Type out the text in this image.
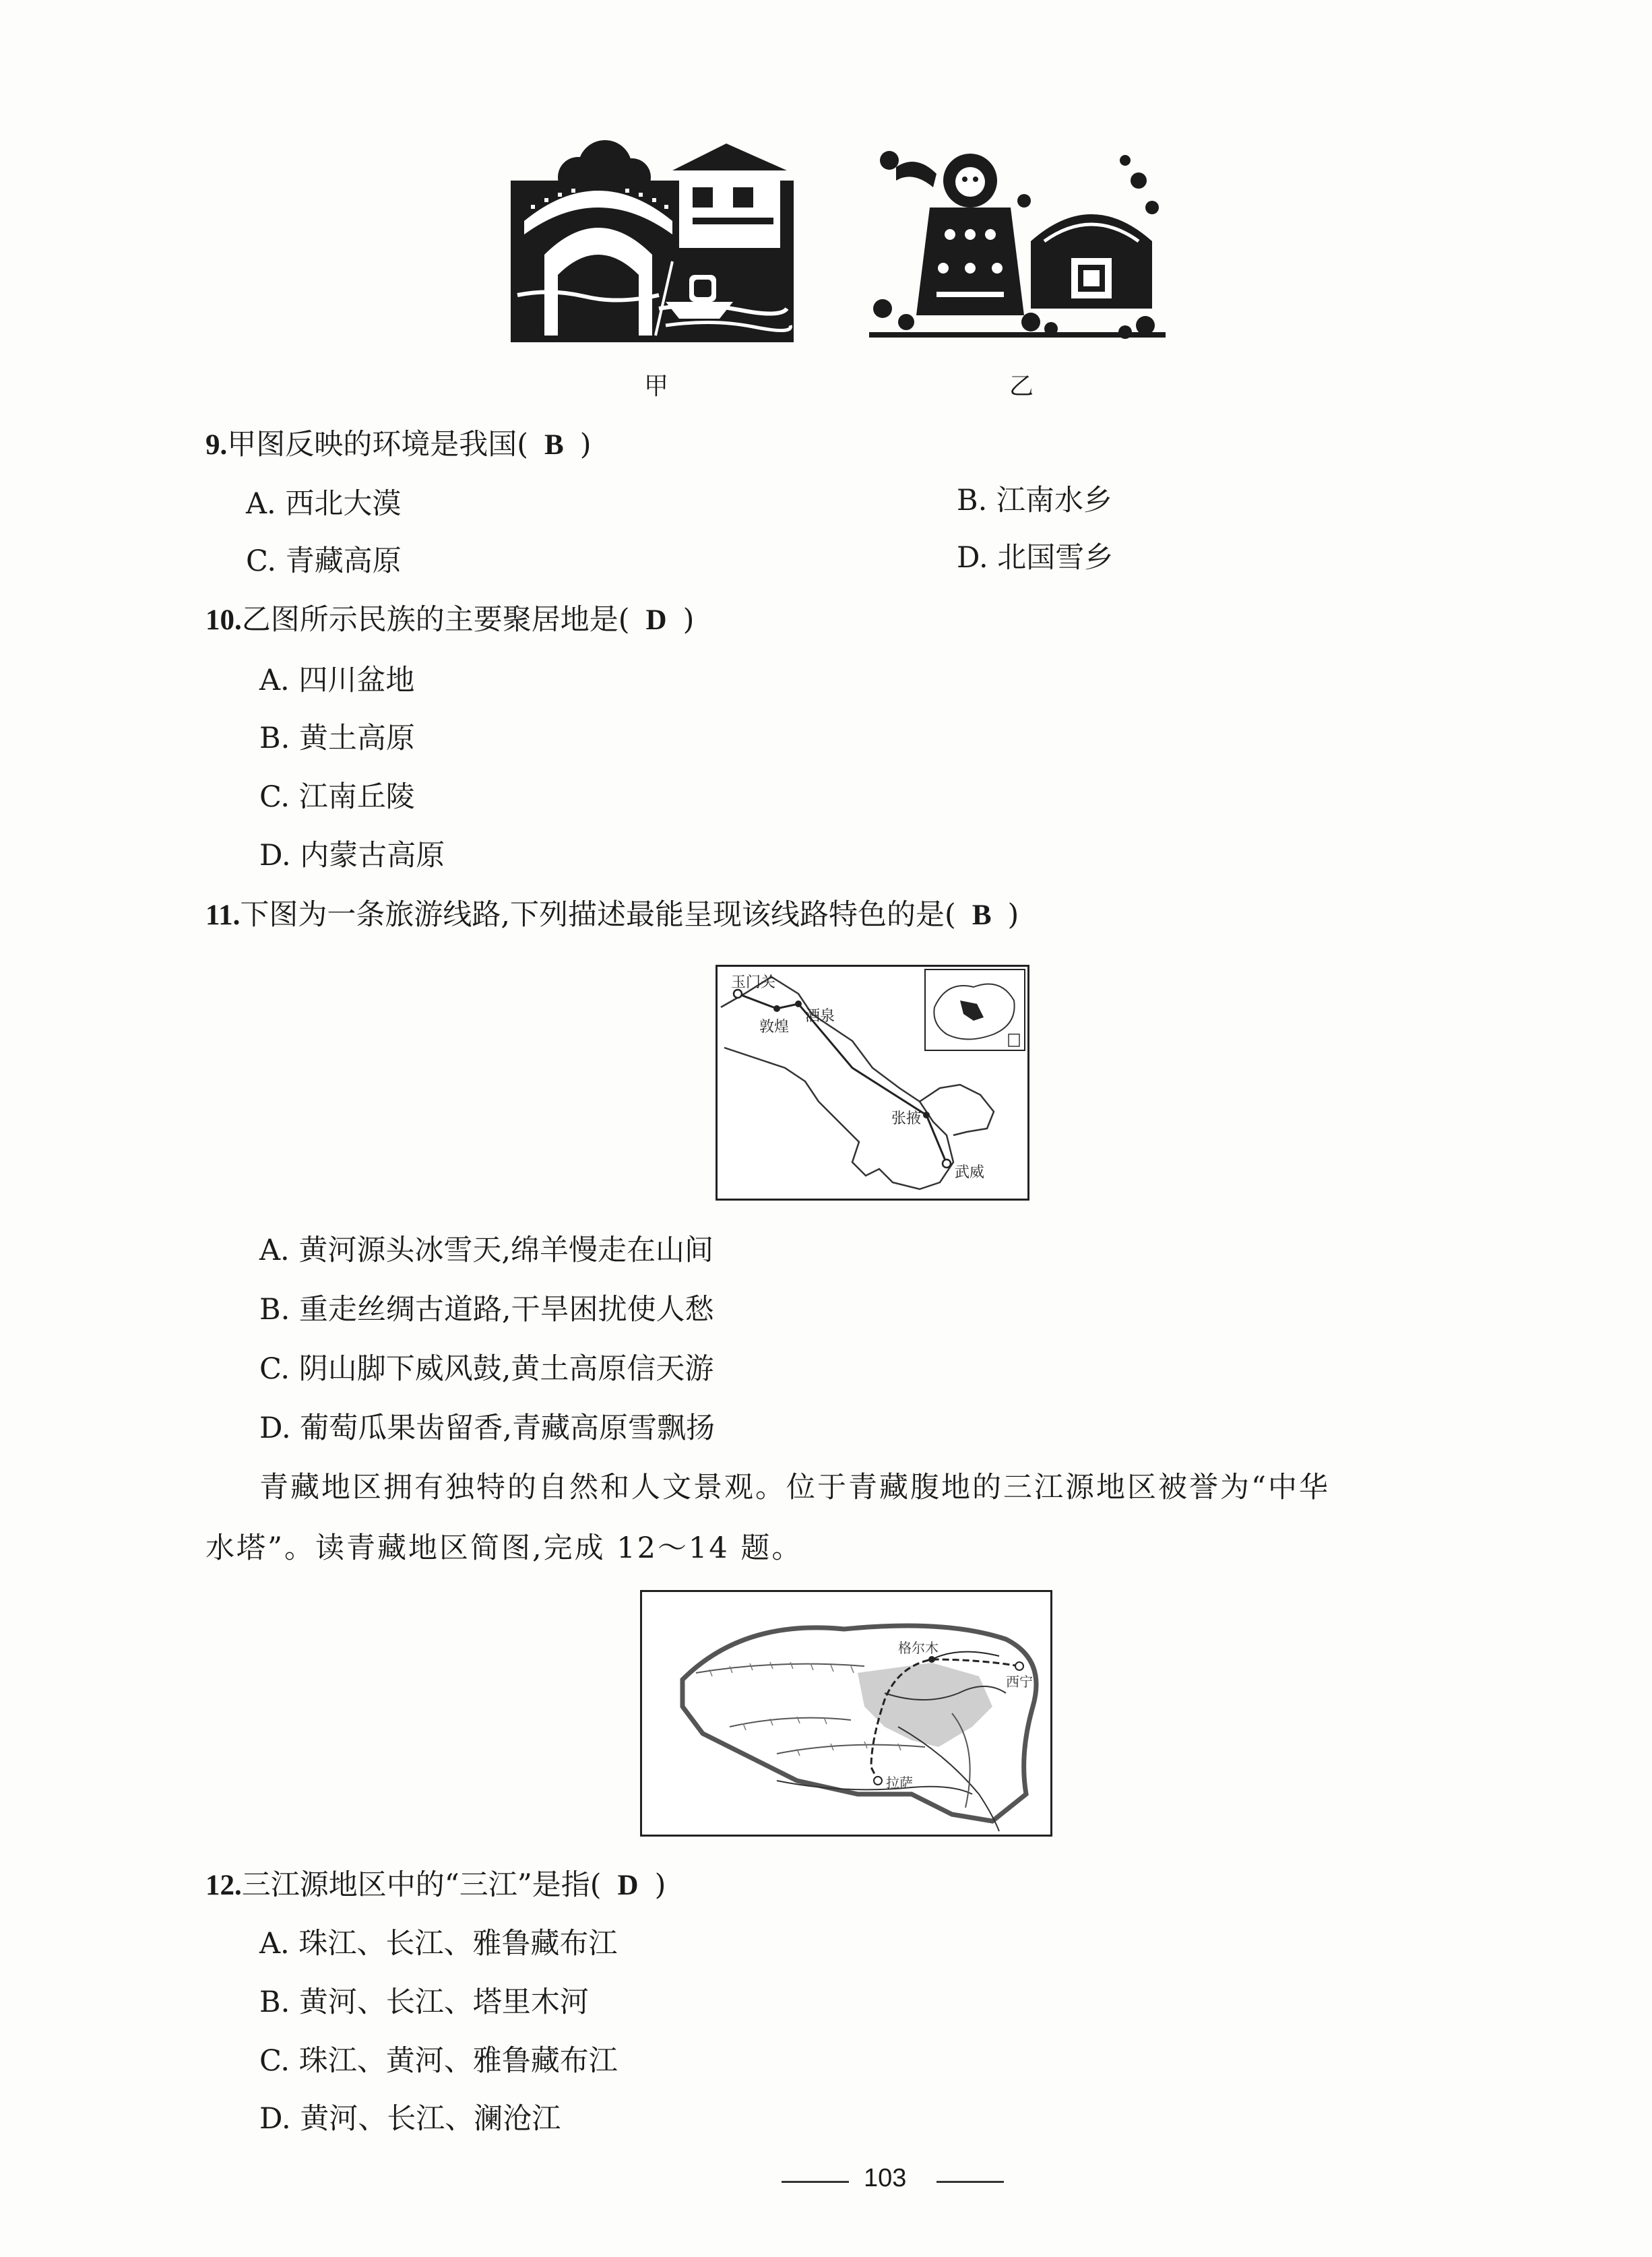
甲	乙
9.甲图反映的环境是我国( B )
A. 西北大漠	B. 江南水乡
C. 青藏高原	D. 北国雪乡
10.乙图所示民族的主要聚居地是( D )
A. 四川盆地
B. 黄土高原
C. 江南丘陵
D. 内蒙古高原
11.下图为一条旅游线路,下列描述最能呈现该线路特色的是( B )
玉门关
敦煌
酒泉
张掖
武威
A. 黄河源头冰雪天,绵羊慢走在山间
B. 重走丝绸古道路,干旱困扰使人愁
C. 阴山脚下威风鼓,黄土高原信天游
D. 葡萄瓜果齿留香,青藏高原雪飘扬
青藏地区拥有独特的自然和人文景观。位于青藏腹地的三江源地区被誉为“中华
水塔”。读青藏地区简图,完成 12～14 题。
格尔木
西宁
拉萨
12.三江源地区中的“三江”是指( D )
A. 珠江、长江、雅鲁藏布江
B. 黄河、长江、塔里木河
C. 珠江、黄河、雅鲁藏布江
D. 黄河、长江、澜沧江
103
